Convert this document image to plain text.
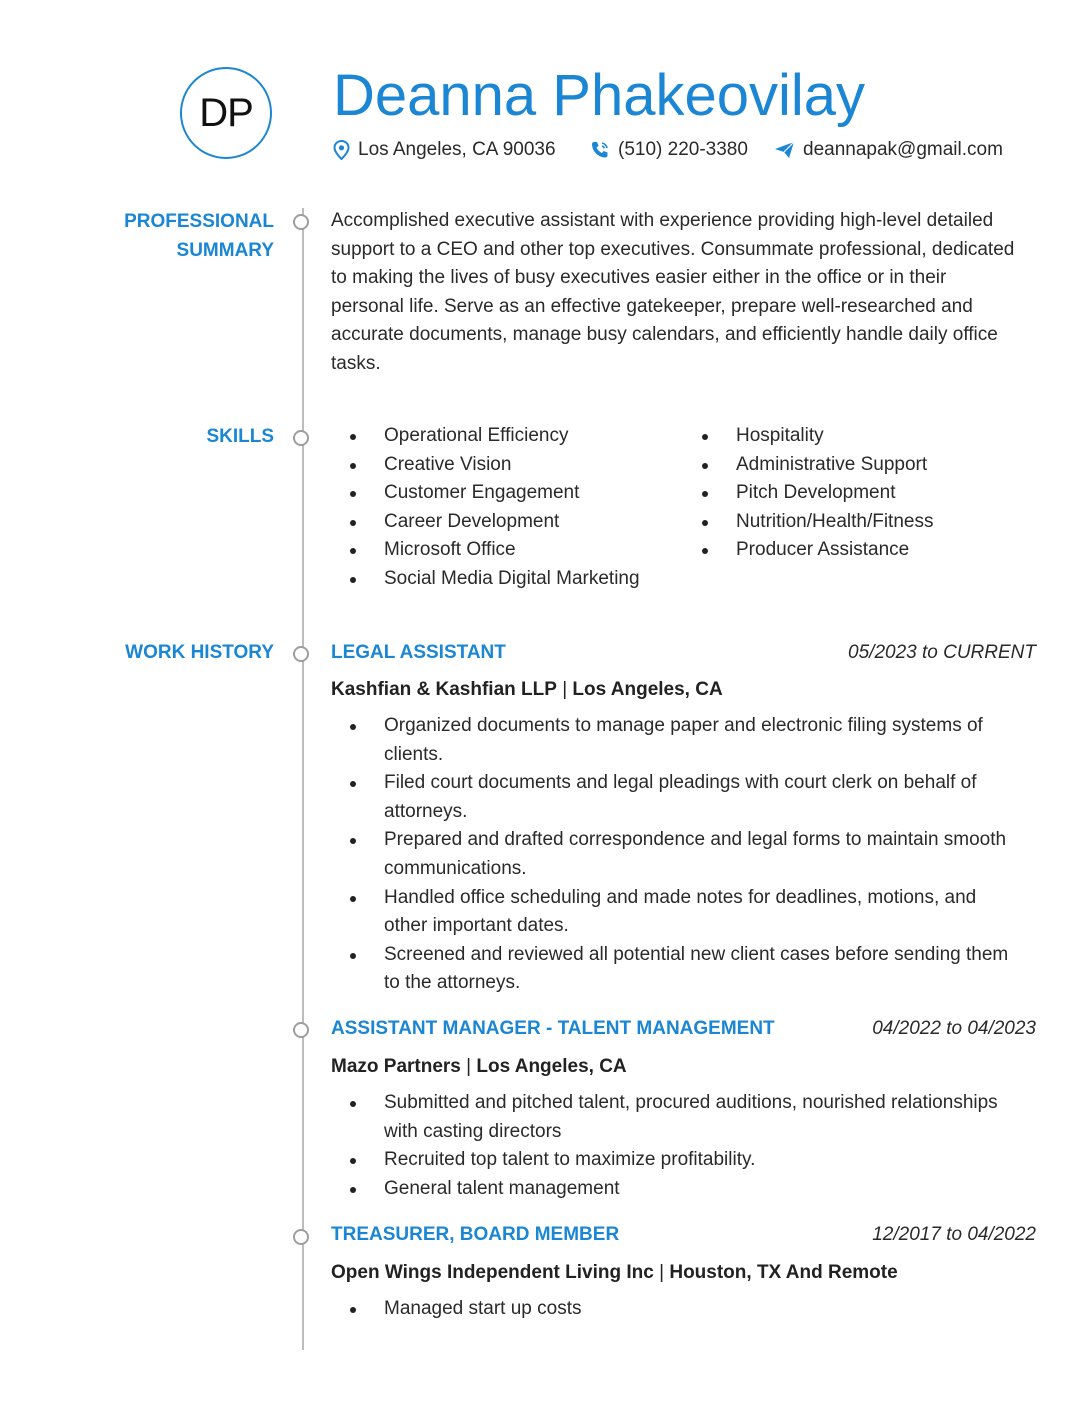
DP Deanna Phakeovilay
Los Angeles, CA 90036	(510) 220-3380	deannapak@gmail.com
PROFESSIONAL
SUMMARY
Accomplished executive assistant with experience providing high-level detailed
support to a CEO and other top executives. Consummate professional, dedicated
to making the lives of busy executives easier either in the office or in their
personal life. Serve as an effective gatekeeper, prepare well-researched and
accurate documents, manage busy calendars, and efficiently handle daily office
tasks.
SKILLS	Operational Efficiency
Creative Vision
Customer Engagement
Career Development
Microsoft Office
Social Media Digital Marketing
Hospitality
Administrative Support
Pitch Development
Nutrition/Health/Fitness
Producer Assistance
WORK HISTORY	LEGAL ASSISTANT	05/2023 to CURRENT
Kashfian & Kashfian LLP | Los Angeles, CA
Organized documents to manage paper and electronic filing systems of
clients.
Filed court documents and legal pleadings with court clerk on behalf of
attorneys.
Prepared and drafted correspondence and legal forms to maintain smooth
communications.
Handled office scheduling and made notes for deadlines, motions, and
other important dates.
Screened and reviewed all potential new client cases before sending them
to the attorneys.
ASSISTANT MANAGER - TALENT MANAGEMENT	04/2022 to 04/2023
Mazo Partners | Los Angeles, CA
Submitted and pitched talent, procured auditions, nourished relationships
with casting directors
Recruited top talent to maximize profitability.
General talent management
TREASURER, BOARD MEMBER	12/2017 to 04/2022
Open Wings Independent Living Inc | Houston, TX And Remote
Managed start up costs
